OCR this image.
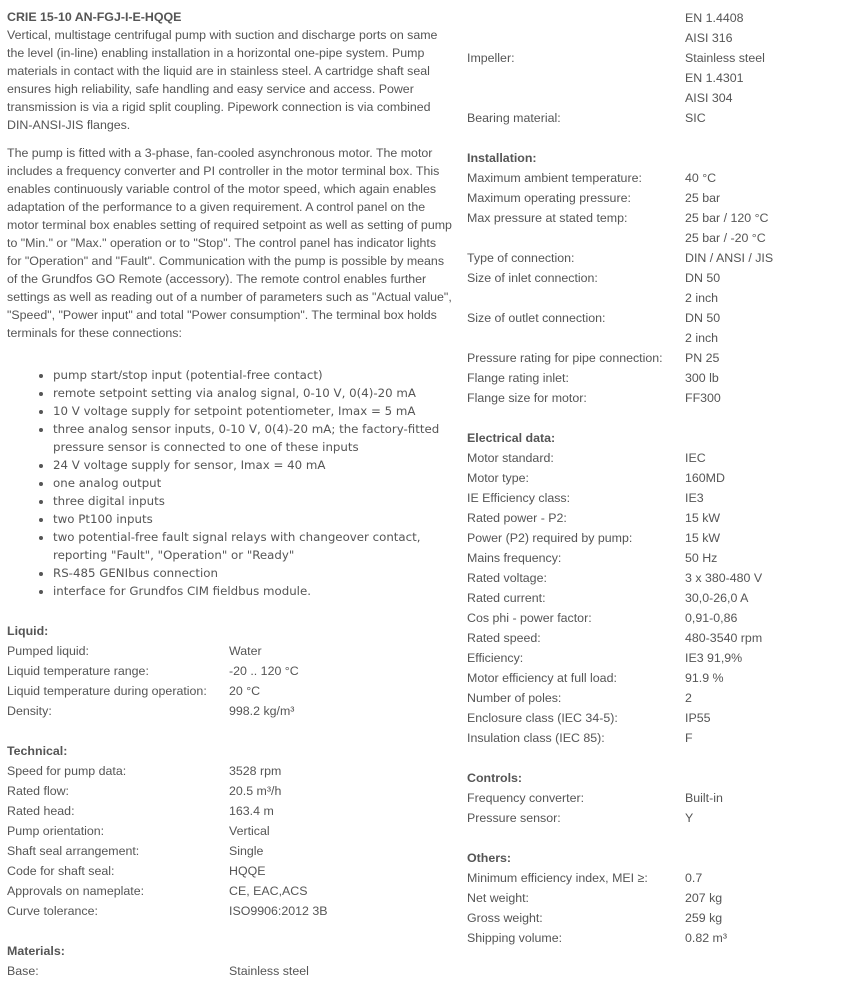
CRIE 15-10 AN-FGJ-I-E-HQQE

Vertical, multistage centrifugal pump with suction and discharge ports on same the level (in-line) enabling installation in a horizontal one-pipe system. Pump materials in contact with the liquid are in stainless steel. A cartridge shaft seal ensures high reliability, safe handling and easy service and access. Power transmission is via a rigid split coupling. Pipework connection is via combined DIN-ANSI-JIS flanges.

The pump is fitted with a 3-phase, fan-cooled asynchronous motor. The motor includes a frequency converter and PI controller in the motor terminal box. This enables continuously variable control of the motor speed, which again enables adaptation of the performance to a given requirement. A control panel on the motor terminal box enables setting of required setpoint as well as setting of pump to "Min." or "Max." operation or to "Stop". The control panel has indicator lights for "Operation" and "Fault". Communication with the pump is possible by means of the Grundfos GO Remote (accessory). The remote control enables further settings as well as reading out of a number of parameters such as "Actual value", "Speed", "Power input" and total "Power consumption". The terminal box holds terminals for these connections:

• pump start/stop input (potential-free contact)
• remote setpoint setting via analog signal, 0-10 V, 0(4)-20 mA
• 10 V voltage supply for setpoint potentiometer, Imax = 5 mA
• three analog sensor inputs, 0-10 V, 0(4)-20 mA; the factory-fitted pressure sensor is connected to one of these inputs
• 24 V voltage supply for sensor, Imax = 40 mA
• one analog output
• three digital inputs
• two Pt100 inputs
• two potential-free fault signal relays with changeover contact, reporting "Fault", "Operation" or "Ready"
• RS-485 GENIbus connection
• interface for Grundfos CIM fieldbus module.
Liquid:
Pumped liquid:	Water
Liquid temperature range:	-20 .. 120 °C
Liquid temperature during operation:	20 °C
Density:	998.2 kg/m³
Technical:
Speed for pump data:	3528 rpm
Rated flow:	20.5 m³/h
Rated head:	163.4 m
Pump orientation:	Vertical
Shaft seal arrangement:	Single
Code for shaft seal:	HQQE
Approvals on nameplate:	CE, EAC,ACS
Curve tolerance:	ISO9906:2012 3B
Materials:
Base:	Stainless steel
EN 1.4408
AISI 316
Impeller:	Stainless steel
EN 1.4301
AISI 304
Bearing material:	SIC
Installation:
Maximum ambient temperature:	40 °C
Maximum operating pressure:	25 bar
Max pressure at stated temp:	25 bar / 120 °C
25 bar / -20 °C
Type of connection:	DIN / ANSI / JIS
Size of inlet connection:	DN 50
2 inch
Size of outlet connection:	DN 50
2 inch
Pressure rating for pipe connection:	PN 25
Flange rating inlet:	300 lb
Flange size for motor:	FF300
Electrical data:
Motor standard:	IEC
Motor type:	160MD
IE Efficiency class:	IE3
Rated power - P2:	15 kW
Power (P2) required by pump:	15 kW
Mains frequency:	50 Hz
Rated voltage:	3 x 380-480 V
Rated current:	30,0-26,0 A
Cos phi - power factor:	0,91-0,86
Rated speed:	480-3540 rpm
Efficiency:	IE3 91,9%
Motor efficiency at full load:	91.9 %
Number of poles:	2
Enclosure class (IEC 34-5):	IP55
Insulation class (IEC 85):	F
Controls:
Frequency converter:	Built-in
Pressure sensor:	Y
Others:
Minimum efficiency index, MEI ≥:	0.7
Net weight:	207 kg
Gross weight:	259 kg
Shipping volume:	0.82 m³
